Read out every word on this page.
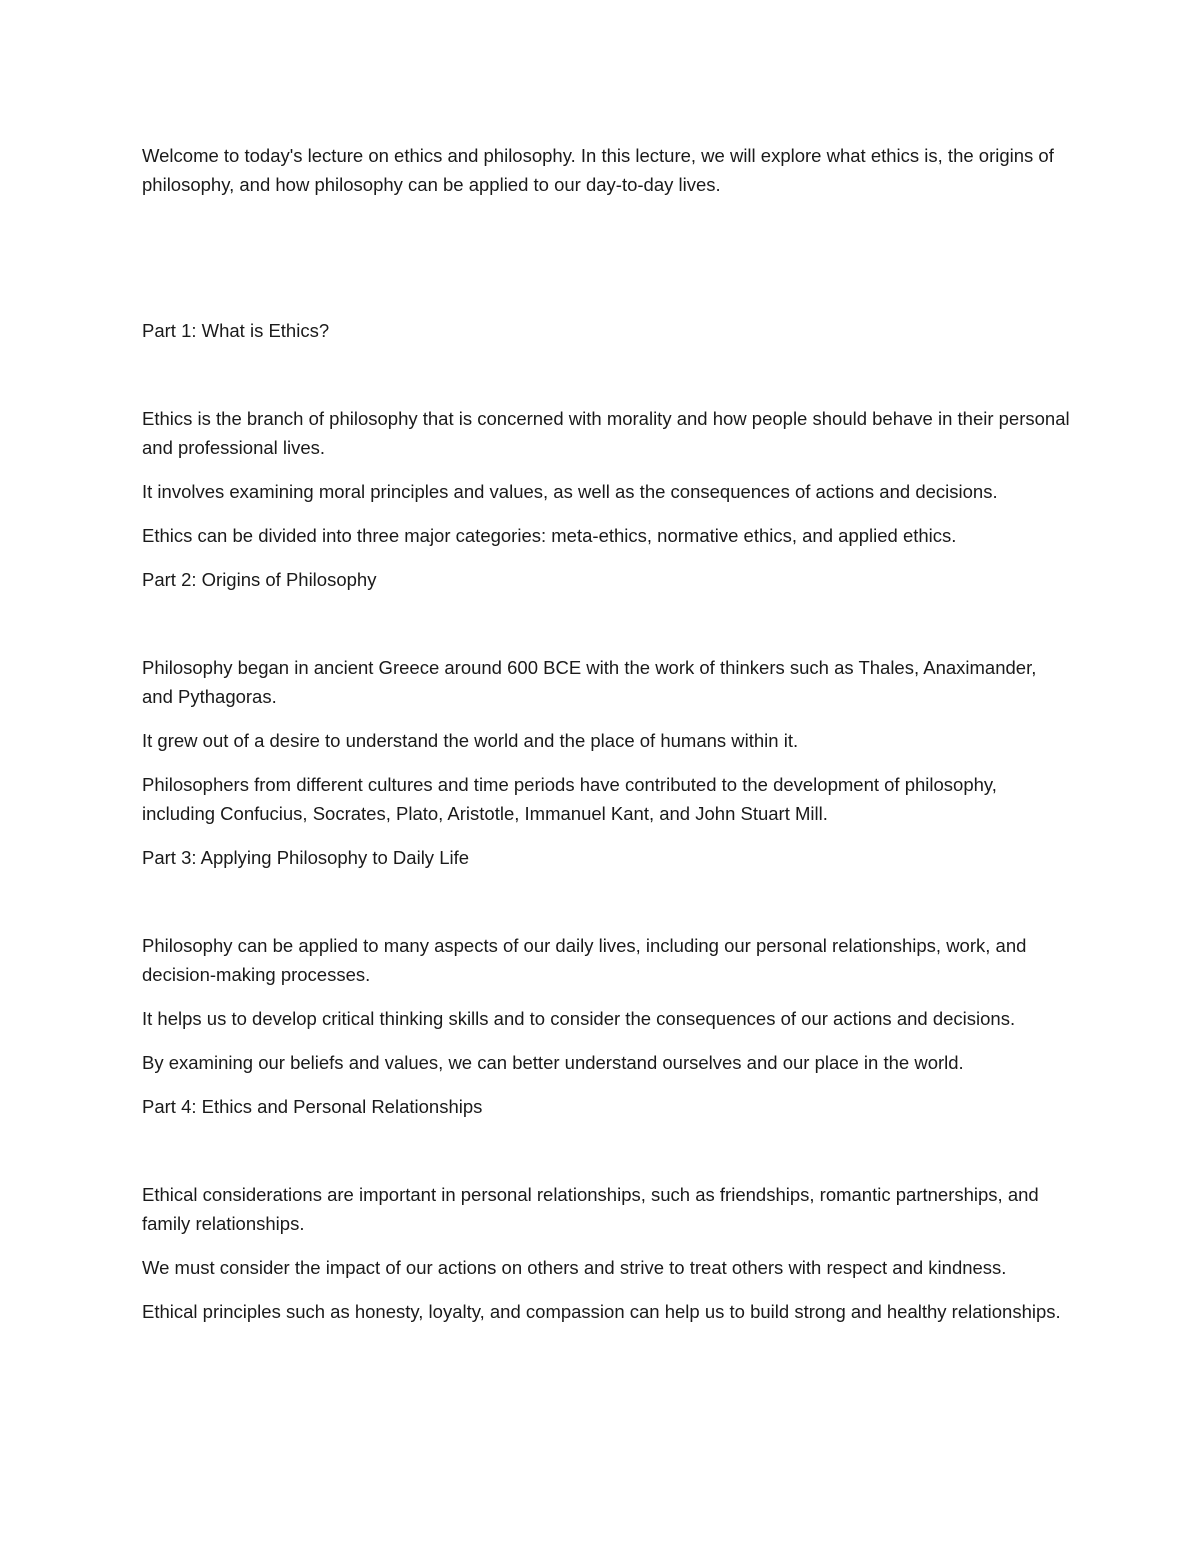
Welcome to today's lecture on ethics and philosophy. In this lecture, we will explore what ethics is, the origins of philosophy, and how philosophy can be applied to our day-to-day lives.

Part 1: What is Ethics?

Ethics is the branch of philosophy that is concerned with morality and how people should behave in their personal and professional lives.

It involves examining moral principles and values, as well as the consequences of actions and decisions.

Ethics can be divided into three major categories: meta-ethics, normative ethics, and applied ethics.

Part 2: Origins of Philosophy

Philosophy began in ancient Greece around 600 BCE with the work of thinkers such as Thales, Anaximander, and Pythagoras.

It grew out of a desire to understand the world and the place of humans within it.

Philosophers from different cultures and time periods have contributed to the development of philosophy, including Confucius, Socrates, Plato, Aristotle, Immanuel Kant, and John Stuart Mill.

Part 3: Applying Philosophy to Daily Life

Philosophy can be applied to many aspects of our daily lives, including our personal relationships, work, and decision-making processes.

It helps us to develop critical thinking skills and to consider the consequences of our actions and decisions.

By examining our beliefs and values, we can better understand ourselves and our place in the world.

Part 4: Ethics and Personal Relationships

Ethical considerations are important in personal relationships, such as friendships, romantic partnerships, and family relationships.

We must consider the impact of our actions on others and strive to treat others with respect and kindness.

Ethical principles such as honesty, loyalty, and compassion can help us to build strong and healthy relationships.
